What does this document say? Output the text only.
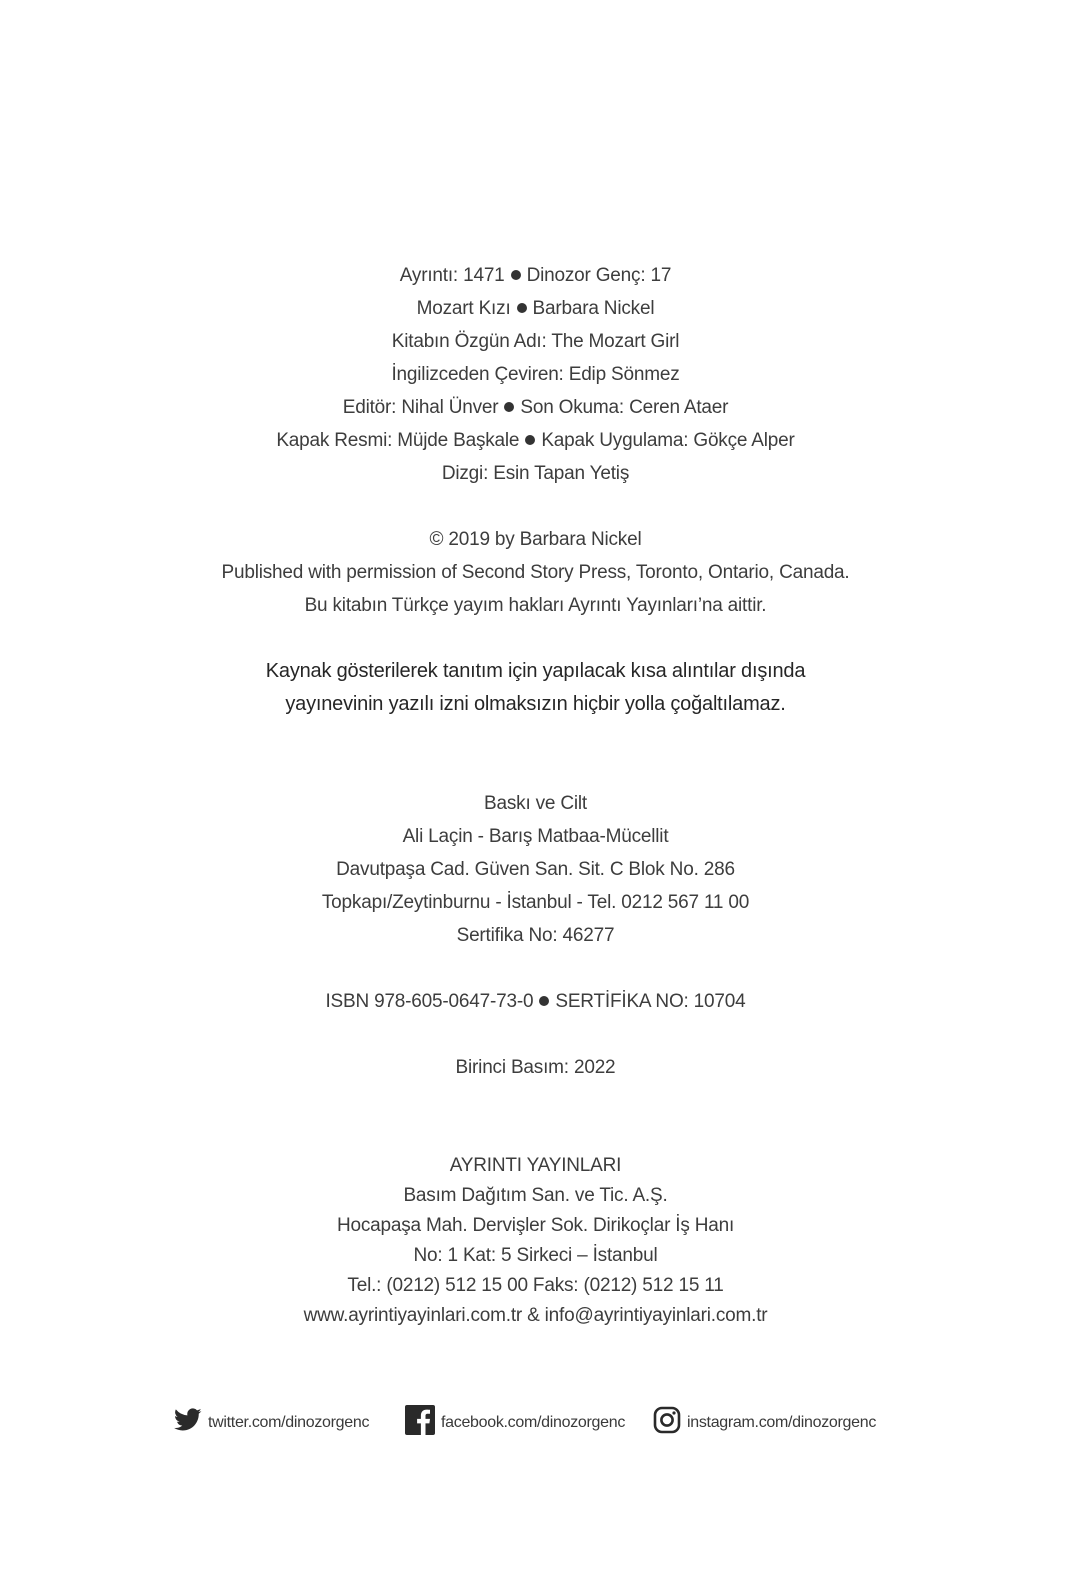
Ayrıntı: 1471 Dinozor Genç: 17
Mozart Kızı Barbara Nickel
Kitabın Özgün Adı: The Mozart Girl
İngilizceden Çeviren: Edip Sönmez
Editör: Nihal Ünver Son Okuma: Ceren Ataer
Kapak Resmi: Müjde Başkale Kapak Uygulama: Gökçe Alper
Dizgi: Esin Tapan Yetiş
© 2019 by Barbara Nickel
Published with permission of Second Story Press, Toronto, Ontario, Canada.
Bu kitabın Türkçe yayım hakları Ayrıntı Yayınları’na aittir.
Kaynak gösterilerek tanıtım için yapılacak kısa alıntılar dışında
yayınevinin yazılı izni olmaksızın hiçbir yolla çoğaltılamaz.
Baskı ve Cilt
Ali Laçin - Barış Matbaa-Mücellit
Davutpaşa Cad. Güven San. Sit. C Blok No. 286
Topkapı/Zeytinburnu - İstanbul - Tel. 0212 567 11 00
Sertifika No: 46277
ISBN 978-605-0647-73-0 SERTİFİKA NO: 10704
Birinci Basım: 2022
AYRINTI YAYINLARI
Basım Dağıtım San. ve Tic. A.Ş.
Hocapaşa Mah. Dervişler Sok. Dirikoçlar İş Hanı
No: 1 Kat: 5 Sirkeci – İstanbul
Tel.: (0212) 512 15 00 Faks: (0212) 512 15 11
www.ayrintiyayinlari.com.tr & info@ayrintiyayinlari.com.tr
twitter.com/dinozorgenc	facebook.com/dinozorgenc	instagram.com/dinozorgenc
